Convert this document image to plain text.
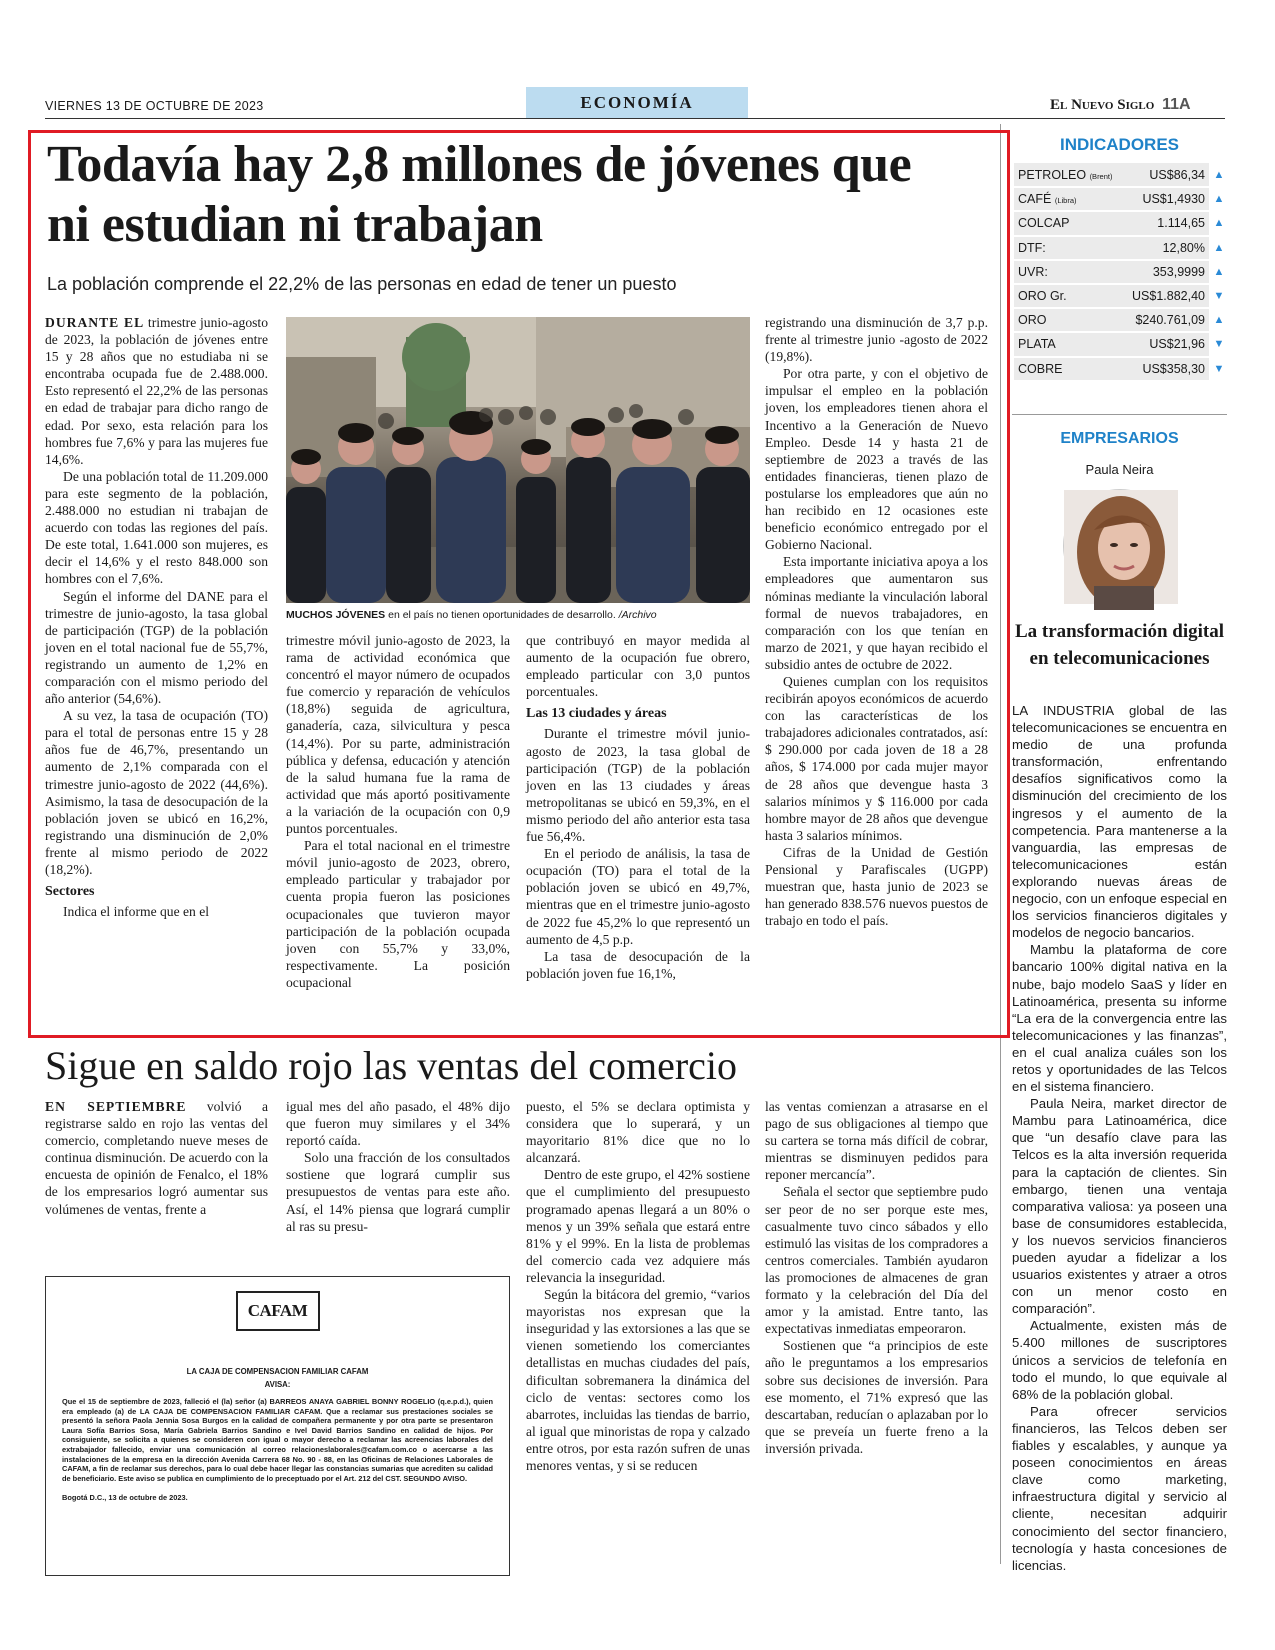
VIERNES 13 DE OCTUBRE DE 2023	ECONOMÍA	El Nuevo Siglo 11A
Todavía hay 2,8 millones de jóvenes que ni estudian ni trabajan
La población comprende el 22,2% de las personas en edad de tener un puesto

DURANTE EL trimestre junio-agosto de 2023, la población de jóvenes entre 15 y 28 años que no estudiaba ni se encontraba ocupada fue de 2.488.000. Esto representó el 22,2% de las personas en edad de trabajar para dicho rango de edad. Por sexo, esta relación para los hombres fue 7,6% y para las mujeres fue 14,6%.

De una población total de 11.209.000 para este segmento de la población, 2.488.000 no estudian ni trabajan de acuerdo con todas las regiones del país. De este total, 1.641.000 son mujeres, es decir el 14,6% y el resto 848.000 son hombres con el 7,6%.

Según el informe del DANE para el trimestre de junio-agosto, la tasa global de participación (TGP) de la población joven en el total nacional fue de 55,7%, registrando un aumento de 1,2% en comparación con el mismo periodo del año anterior (54,6%).

A su vez, la tasa de ocupación (TO) para el total de personas entre 15 y 28 años fue de 46,7%, presentando un aumento de 2,1% comparada con el trimestre junio-agosto de 2022 (44,6%). Asimismo, la tasa de desocupación de la población joven se ubicó en 16,2%, registrando una disminución de 2,0% frente al mismo periodo de 2022 (18,2%).

Sectores

Indica el informe que en el

MUCHOS JÓVENES en el país no tienen oportunidades de desarrollo. /Archivo

trimestre móvil junio-agosto de 2023, la rama de actividad económica que concentró el mayor número de ocupados fue comercio y reparación de vehículos (18,8%) seguida de agricultura, ganadería, caza, silvicultura y pesca (14,4%). Por su parte, administración pública y defensa, educación y atención de la salud humana fue la rama de actividad que más aportó positivamente a la variación de la ocupación con 0,9 puntos porcentuales.

Para el total nacional en el trimestre móvil junio-agosto de 2023, obrero, empleado particular y trabajador por cuenta propia fueron las posiciones ocupacionales que tuvieron mayor participación de la población ocupada joven con 55,7% y 33,0%, respectivamente. La posición ocupacional

que contribuyó en mayor medida al aumento de la ocupación fue obrero, empleado particular con 3,0 puntos porcentuales.

Las 13 ciudades y áreas

Durante el trimestre móvil junio-agosto de 2023, la tasa global de participación (TGP) de la población joven en las 13 ciudades y áreas metropolitanas se ubicó en 59,3%, en el mismo periodo del año anterior esta tasa fue 56,4%.

En el periodo de análisis, la tasa de ocupación (TO) para el total de la población joven se ubicó en 49,7%, mientras que en el trimestre junio-agosto de 2022 fue 45,2% lo que representó un aumento de 4,5 p.p.

La tasa de desocupación de la población joven fue 16,1%,

registrando una disminución de 3,7 p.p. frente al trimestre junio -agosto de 2022 (19,8%).

Por otra parte, y con el objetivo de impulsar el empleo en la población joven, los empleadores tienen ahora el Incentivo a la Generación de Nuevo Empleo. Desde 14 y hasta 21 de septiembre de 2023 a través de las entidades financieras, tienen plazo de postularse los empleadores que aún no han recibido en 12 ocasiones este beneficio económico entregado por el Gobierno Nacional.

Esta importante iniciativa apoya a los empleadores que aumentaron sus nóminas mediante la vinculación laboral formal de nuevos trabajadores, en comparación con los que tenían en marzo de 2021, y que hayan recibido el subsidio antes de octubre de 2022.

Quienes cumplan con los requisitos recibirán apoyos económicos de acuerdo con las características de los trabajadores adicionales contratados, así: $ 290.000 por cada joven de 18 a 28 años, $ 174.000 por cada mujer mayor de 28 años que devengue hasta 3 salarios mínimos y $ 116.000 por cada hombre mayor de 28 años que devengue hasta 3 salarios mínimos.

Cifras de la Unidad de Gestión Pensional y Parafiscales (UGPP) muestran que, hasta junio de 2023 se han generado 838.576 nuevos puestos de trabajo en todo el país.

Sigue en saldo rojo las ventas del comercio

EN SEPTIEMBRE volvió a registrarse saldo en rojo las ventas del comercio, completando nueve meses de continua disminución. De acuerdo con la encuesta de opinión de Fenalco, el 18% de los empresarios logró aumentar sus volúmenes de ventas, frente a

igual mes del año pasado, el 48% dijo que fueron muy similares y el 34% reportó caída.

Solo una fracción de los consultados sostiene que logrará cumplir sus presupuestos de ventas para este año. Así, el 14% piensa que logrará cumplir al ras su presu-

puesto, el 5% se declara optimista y considera que lo superará, y un mayoritario 81% dice que no lo alcanzará.

Dentro de este grupo, el 42% sostiene que el cumplimiento del presupuesto programado apenas llegará a un 80% o menos y un 39% señala que estará entre 81% y el 99%. En la lista de problemas del comercio cada vez adquiere más relevancia la inseguridad.

Según la bitácora del gremio, “varios mayoristas nos expresan que la inseguridad y las extorsiones a las que se vienen sometiendo los comerciantes detallistas en muchas ciudades del país, dificultan sobremanera la dinámica del ciclo de ventas: sectores como los abarrotes, incluidas las tiendas de barrio, al igual que minoristas de ropa y calzado entre otros, por esta razón sufren de unas menores ventas, y si se reducen

las ventas comienzan a atrasarse en el pago de sus obligaciones al tiempo que su cartera se torna más difícil de cobrar, mientras se disminuyen pedidos para reponer mercancía”.

Señala el sector que septiembre pudo ser peor de no ser porque este mes, casualmente tuvo cinco sábados y ello estimuló las visitas de los compradores a centros comerciales. También ayudaron las promociones de almacenes de gran formato y la celebración del Día del amor y la amistad. Entre tanto, las expectativas inmediatas empeoraron.

Sostienen que “a principios de este año le preguntamos a los empresarios sobre sus decisiones de inversión. Para ese momento, el 71% expresó que las descartaban, reducían o aplazaban por lo que se preveía un fuerte freno a la inversión privada.

CAFAM
LA CAJA DE COMPENSACION FAMILIAR CAFAM
AVISA:

Que el 15 de septiembre de 2023, falleció el (la) señor (a) BARREOS ANAYA GABRIEL BONNY ROGELIO (q.e.p.d.), quien era empleado (a) de LA CAJA DE COMPENSACION FAMILIAR CAFAM. Que a reclamar sus prestaciones sociales se presentó la señora Paola Jennia Sosa Burgos en la calidad de compañera permanente y por otra parte se presentaron Laura Sofía Barrios Sosa, María Gabriela Barrios Sandino e Ivel David Barrios Sandino en calidad de hijos. Por consiguiente, se solicita a quienes se consideren con igual o mayor derecho a reclamar las acreencias laborales del extrabajador fallecido, enviar una comunicación al correo relacioneslaborales@cafam.com.co o acercarse a las instalaciones de la empresa en la dirección Avenida Carrera 68 No. 90 - 88, en las Oficinas de Relaciones Laborales de CAFAM, a fin de reclamar sus derechos, para lo cual debe hacer llegar las constancias sumarias que acrediten su calidad de beneficiario. Este aviso se publica en cumplimiento de lo preceptuado por el Art. 212 del CST. SEGUNDO AVISO.

Bogotá D.C., 13 de octubre de 2023.

INDICADORES
PETROLEO (Brent)	US$86,34	▲
CAFÉ (Libra)	US$1,4930	▲
COLCAP	1.114,65	▲
DTF:	12,80%	▲
UVR:	353,9999	▲
ORO Gr.	US$1.882,40	▼
ORO	$240.761,09	▲
PLATA	US$21,96	▼
COBRE	US$358,30	▼
EMPRESARIOS
Paula Neira
La transformación digital en telecomunicaciones

LA INDUSTRIA global de las telecomunicaciones se encuentra en medio de una profunda transformación, enfrentando desafíos significativos como la disminución del crecimiento de los ingresos y el aumento de la competencia. Para mantenerse a la vanguardia, las empresas de telecomunicaciones están explorando nuevas áreas de negocio, con un enfoque especial en los servicios financieros digitales y modelos de negocio bancarios.

Mambu la plataforma de core bancario 100% digital nativa en la nube, bajo modelo SaaS y líder en Latinoamérica, presenta su informe “La era de la convergencia entre las telecomunicaciones y las finanzas”, en el cual analiza cuáles son los retos y oportunidades de las Telcos en el sistema financiero.

Paula Neira, market director de Mambu para Latinoamérica, dice que “un desafío clave para las Telcos es la alta inversión requerida para la captación de clientes. Sin embargo, tienen una ventaja comparativa valiosa: ya poseen una base de consumidores establecida, y los nuevos servicios financieros pueden ayudar a fidelizar a los usuarios existentes y atraer a otros con un menor costo en comparación”.

Actualmente, existen más de 5.400 millones de suscriptores únicos a servicios de telefonía en todo el mundo, lo que equivale al 68% de la población global.

Para ofrecer servicios financieros, las Telcos deben ser fiables y escalables, y aunque ya poseen conocimientos en áreas clave como marketing, infraestructura digital y servicio al cliente, necesitan adquirir conocimiento del sector financiero, tecnología y hasta concesiones de licencias.
